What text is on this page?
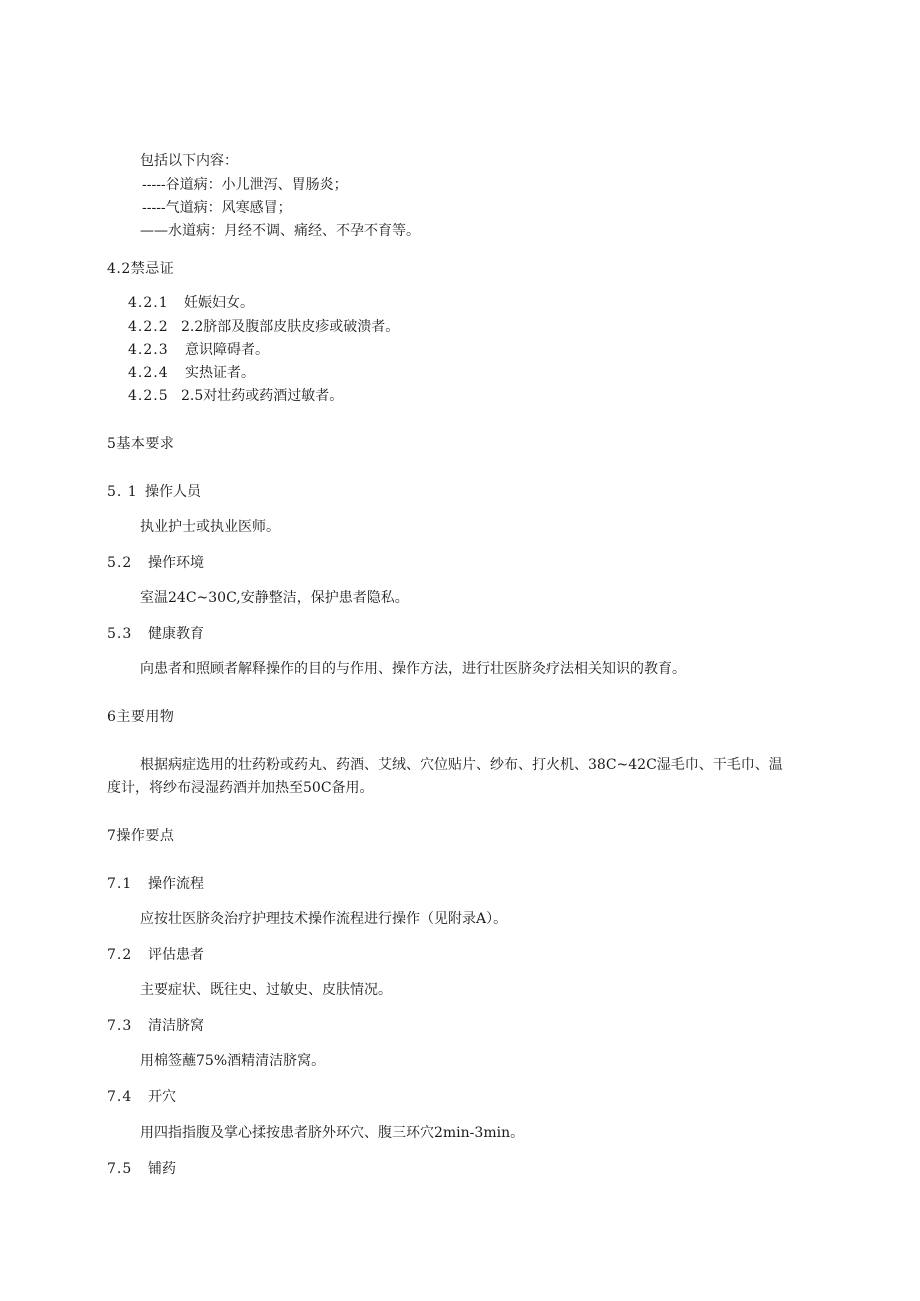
包括以下内容：
-----谷道病：小儿泄泻、胃肠炎；
-----气道病：风寒感冒；
——水道病：月经不调、痛经、不孕不育等。
4.2禁忌证
4.2.1 妊娠妇女。
4.2.2 2.2脐部及腹部皮肤皮疹或破溃者。
4.2.3 意识障碍者。
4.2.4 实热证者。
4.2.5 2.5对壮药或药酒过敏者。
5基本要求
5. 1 操作人员
执业护士或执业医师。
5.2 操作环境
室温24C~30C,安静整洁，保护患者隐私。
5.3 健康教育
向患者和照顾者解释操作的目的与作用、操作方法，进行壮医脐灸疗法相关知识的教育。
6主要用物
根据病症选用的壮药粉或药丸、药酒、艾绒、穴位贴片、纱布、打火机、38C~42C湿毛巾、干毛巾、温
度计，将纱布浸湿药酒并加热至50C备用。
7操作要点
7.1 操作流程
应按壮医脐灸治疗护理技术操作流程进行操作（见附录A）。
7.2 评估患者
主要症状、既往史、过敏史、皮肤情况。
7.3 清洁脐窝
用棉签蘸75%酒精清洁脐窝。
7.4 开穴
用四指指腹及掌心揉按患者脐外环穴、腹三环穴2min-3min。
7.5 铺药
